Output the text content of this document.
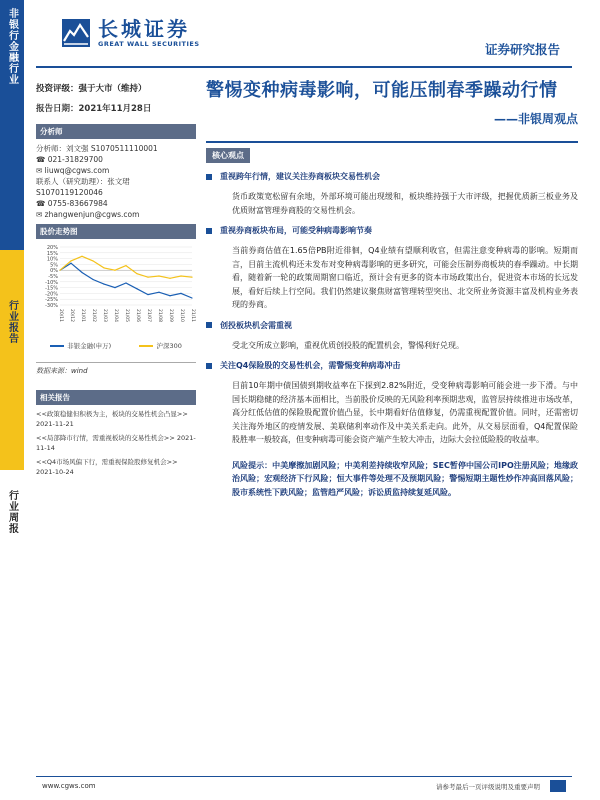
非银行金融行业
行业报告
行业周报
长城证券
GREAT WALL SECURITIES	证券研究报告
投资评级：强于大市（维持）
报告日期：2021年11月28日
分析师
分析师：刘文强 S1070511110001
☎ 021-31829700
✉ liuwq@cgws.com
联系人（研究助理）：张文珺
S1070119120046
☎ 0755-83667984
✉ zhangwenjun@cgws.com
股价走势图
20%
15%
10%
5%
0%
-5%
-10%
-15%
-20%
-25%
-30%
20/11 20/12 21/01 21/02 21/03 21/04 21/05 21/06 21/07 21/08 21/09 21/10 21/11
非银金融(申万)	沪深300
数据来源：wind
相关报告
<<政策稳健但积极为主，板块的交易性机会凸显>> 2021-11-21
<<局部降市行情，需重视板块的交易性机会>> 2021-11-14
<<Q4市场风偏下行，需重视保险股修复机会>> 2021-10-24
警惕变种病毒影响，可能压制春季躁动行情
——非银周观点
核心观点
重视跨年行情，建议关注券商板块交易性机会
货币政策宽松留有余地，外部环境可能出现缓和，板块维持强于大市评级，把握优质新三板业务及优质财富管理券商股的交易性机会。
重视券商板块布局，可能受种病毒影响节奏
当前券商估值在1.65倍PB附近徘徊，Q4业绩有望顺利收官，但需注意变种病毒的影响。短期而言，目前主流机构还未发布对变种病毒影响的更多研究，可能会压制券商板块的春季躁动。中长期看，随着新一轮的政策周期窗口临近，预计会有更多的资本市场政策出台，促进资本市场的长远发展，看好后续上行空间。我们仍然建议聚焦财富管理转型突出、北交所业务资源丰富及机构业务表现的券商。
创投板块机会需重视
受北交所成立影响，重视优质创投股的配置机会，警惕利好兑现。
关注Q4保险股的交易性机会，需警惕变种病毒冲击
目前10年期中债国债到期收益率在下探到2.82%附近，受变种病毒影响可能会进一步下滑。与中国长期稳健的经济基本面相比，当前股价反映的无风险利率预期悲观，监管层持续推进市场改革，高分红低估值的保险股配置价值凸显，长中期看好估值修复，仍需重视配置价值。同时，还需密切关注海外地区的疫情发展、美联储利率动作及中美关系走向。此外，从交易层面看，Q4配置保险股胜率一般较高，但变种病毒可能会资产端产生较大冲击，边际大会拉低险股的收益率。
风险提示：中美摩擦加剧风险；中美利差持续收窄风险；SEC暂停中国公司IPO注册风险；地缘政治风险；宏观经济下行风险；恒大事件等处理不及预期风险；警惕短期主题性炒作冲高回落风险；股市系统性下跌风险；监管趋严风险；诉讼质监持续复延风险。
www.cgws.com	请参考最后一页评级说明及重要声明
